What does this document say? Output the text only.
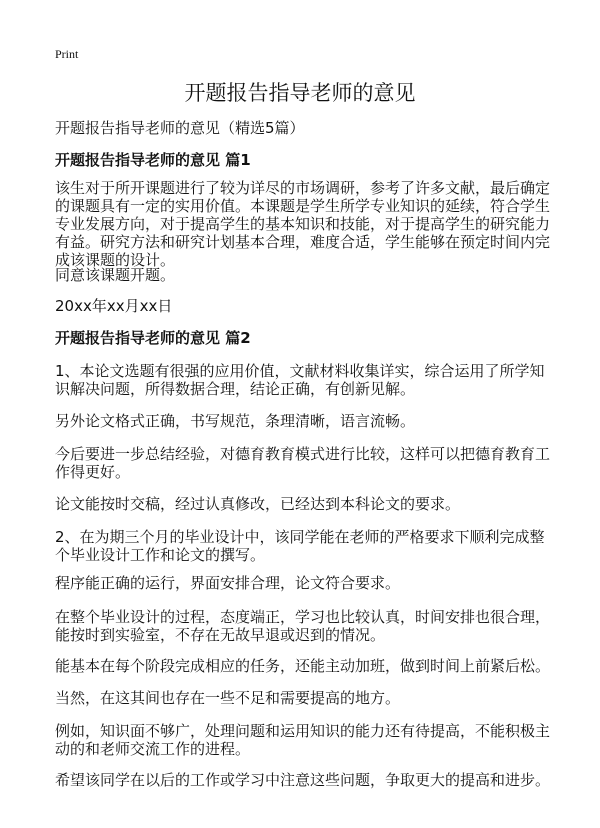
Print
开题报告指导老师的意见
开题报告指导老师的意见（精选5篇）
开题报告指导老师的意见 篇1
该生对于所开课题进行了较为详尽的市场调研，参考了许多文献，最后确定的课题具有一定的实用价值。本课题是学生所学专业知识的延续，符合学生专业发展方向，对于提高学生的基本知识和技能，对于提高学生的研究能力有益。研究方法和研究计划基本合理，难度合适，学生能够在预定时间内完成该课题的设计。
同意该课题开题。
20xx年xx月xx日
开题报告指导老师的意见 篇2
1、本论文选题有很强的应用价值，文献材料收集详实，综合运用了所学知识解决问题，所得数据合理，结论正确，有创新见解。
另外论文格式正确，书写规范，条理清晰，语言流畅。
今后要进一步总结经验，对德育教育模式进行比较，这样可以把德育教育工作得更好。
论文能按时交稿，经过认真修改，已经达到本科论文的要求。
2、在为期三个月的毕业设计中，该同学能在老师的严格要求下顺利完成整个毕业设计工作和论文的撰写。
程序能正确的运行，界面安排合理，论文符合要求。
在整个毕业设计的过程，态度端正，学习也比较认真，时间安排也很合理，能按时到实验室，不存在无故早退或迟到的情况。
能基本在每个阶段完成相应的任务，还能主动加班，做到时间上前紧后松。
当然，在这其间也存在一些不足和需要提高的地方。
例如，知识面不够广，处理问题和运用知识的能力还有待提高，不能积极主动的和老师交流工作的进程。
希望该同学在以后的工作或学习中注意这些问题，争取更大的提高和进步。
